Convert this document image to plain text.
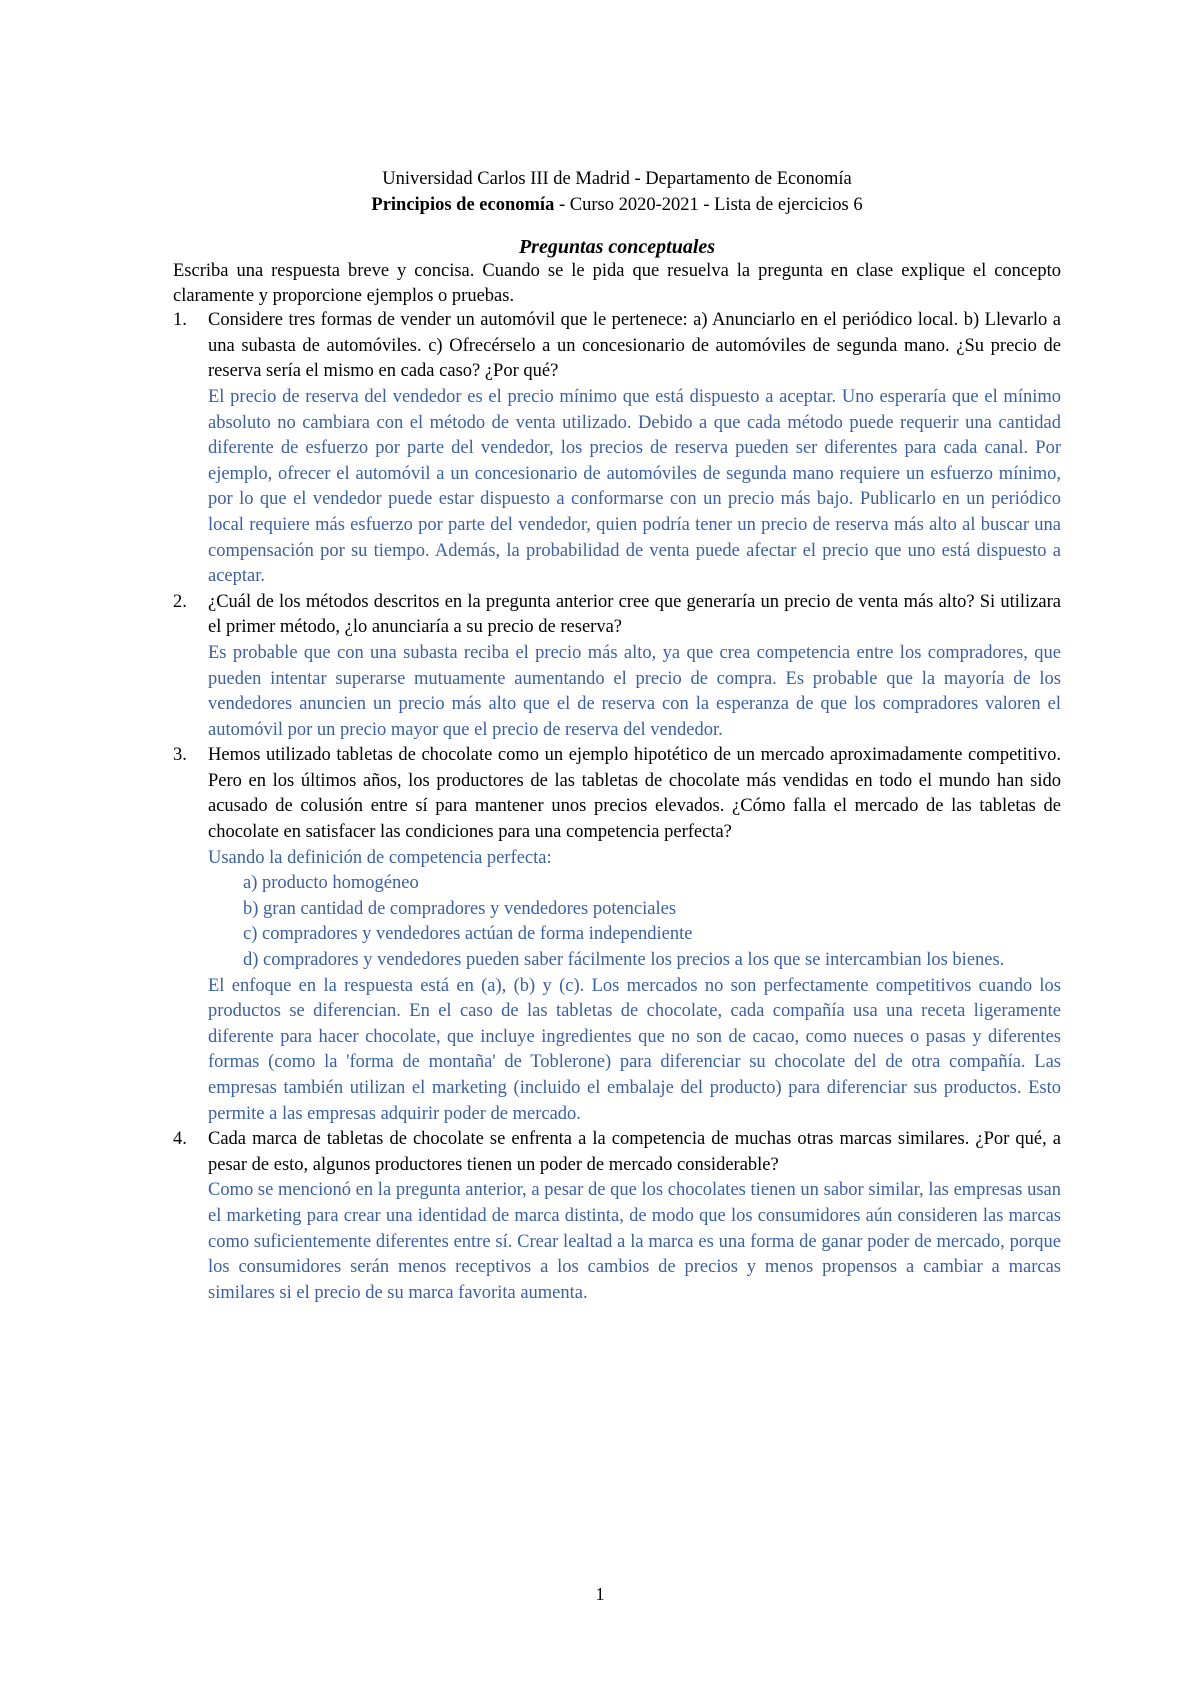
Universidad Carlos III de Madrid - Departamento de Economía
Principios de economía - Curso 2020-2021 - Lista de ejercicios 6
Preguntas conceptuales

Escriba una respuesta breve y concisa. Cuando se le pida que resuelva la pregunta en clase explique el concepto claramente y proporcione ejemplos o pruebas.

1. Considere tres formas de vender un automóvil que le pertenece: a) Anunciarlo en el periódico local. b) Llevarlo a una subasta de automóviles. c) Ofrecérselo a un concesionario de automóviles de segunda mano. ¿Su precio de reserva sería el mismo en cada caso? ¿Por qué?

El precio de reserva del vendedor es el precio mínimo que está dispuesto a aceptar. Uno esperaría que el mínimo absoluto no cambiara con el método de venta utilizado. Debido a que cada método puede requerir una cantidad diferente de esfuerzo por parte del vendedor, los precios de reserva pueden ser diferentes para cada canal. Por ejemplo, ofrecer el automóvil a un concesionario de automóviles de segunda mano requiere un esfuerzo mínimo, por lo que el vendedor puede estar dispuesto a conformarse con un precio más bajo. Publicarlo en un periódico local requiere más esfuerzo por parte del vendedor, quien podría tener un precio de reserva más alto al buscar una compensación por su tiempo. Además, la probabilidad de venta puede afectar el precio que uno está dispuesto a aceptar.

2. ¿Cuál de los métodos descritos en la pregunta anterior cree que generaría un precio de venta más alto? Si utilizara el primer método, ¿lo anunciaría a su precio de reserva?

Es probable que con una subasta reciba el precio más alto, ya que crea competencia entre los compradores, que pueden intentar superarse mutuamente aumentando el precio de compra. Es probable que la mayoría de los vendedores anuncien un precio más alto que el de reserva con la esperanza de que los compradores valoren el automóvil por un precio mayor que el precio de reserva del vendedor.

3. Hemos utilizado tabletas de chocolate como un ejemplo hipotético de un mercado aproximadamente competitivo. Pero en los últimos años, los productores de las tabletas de chocolate más vendidas en todo el mundo han sido acusado de colusión entre sí para mantener unos precios elevados. ¿Cómo falla el mercado de las tabletas de chocolate en satisfacer las condiciones para una competencia perfecta?

Usando la definición de competencia perfecta:

a) producto homogéneo
b) gran cantidad de compradores y vendedores potenciales
c) compradores y vendedores actúan de forma independiente
d) compradores y vendedores pueden saber fácilmente los precios a los que se intercambian los bienes.

El enfoque en la respuesta está en (a), (b) y (c). Los mercados no son perfectamente competitivos cuando los productos se diferencian. En el caso de las tabletas de chocolate, cada compañía usa una receta ligeramente diferente para hacer chocolate, que incluye ingredientes que no son de cacao, como nueces o pasas y diferentes formas (como la 'forma de montaña' de Toblerone) para diferenciar su chocolate del de otra compañía. Las empresas también utilizan el marketing (incluido el embalaje del producto) para diferenciar sus productos. Esto permite a las empresas adquirir poder de mercado.

4. Cada marca de tabletas de chocolate se enfrenta a la competencia de muchas otras marcas similares. ¿Por qué, a pesar de esto, algunos productores tienen un poder de mercado considerable?

Como se mencionó en la pregunta anterior, a pesar de que los chocolates tienen un sabor similar, las empresas usan el marketing para crear una identidad de marca distinta, de modo que los consumidores aún consideren las marcas como suficientemente diferentes entre sí. Crear lealtad a la marca es una forma de ganar poder de mercado, porque los consumidores serán menos receptivos a los cambios de precios y menos propensos a cambiar a marcas similares si el precio de su marca favorita aumenta.

1
